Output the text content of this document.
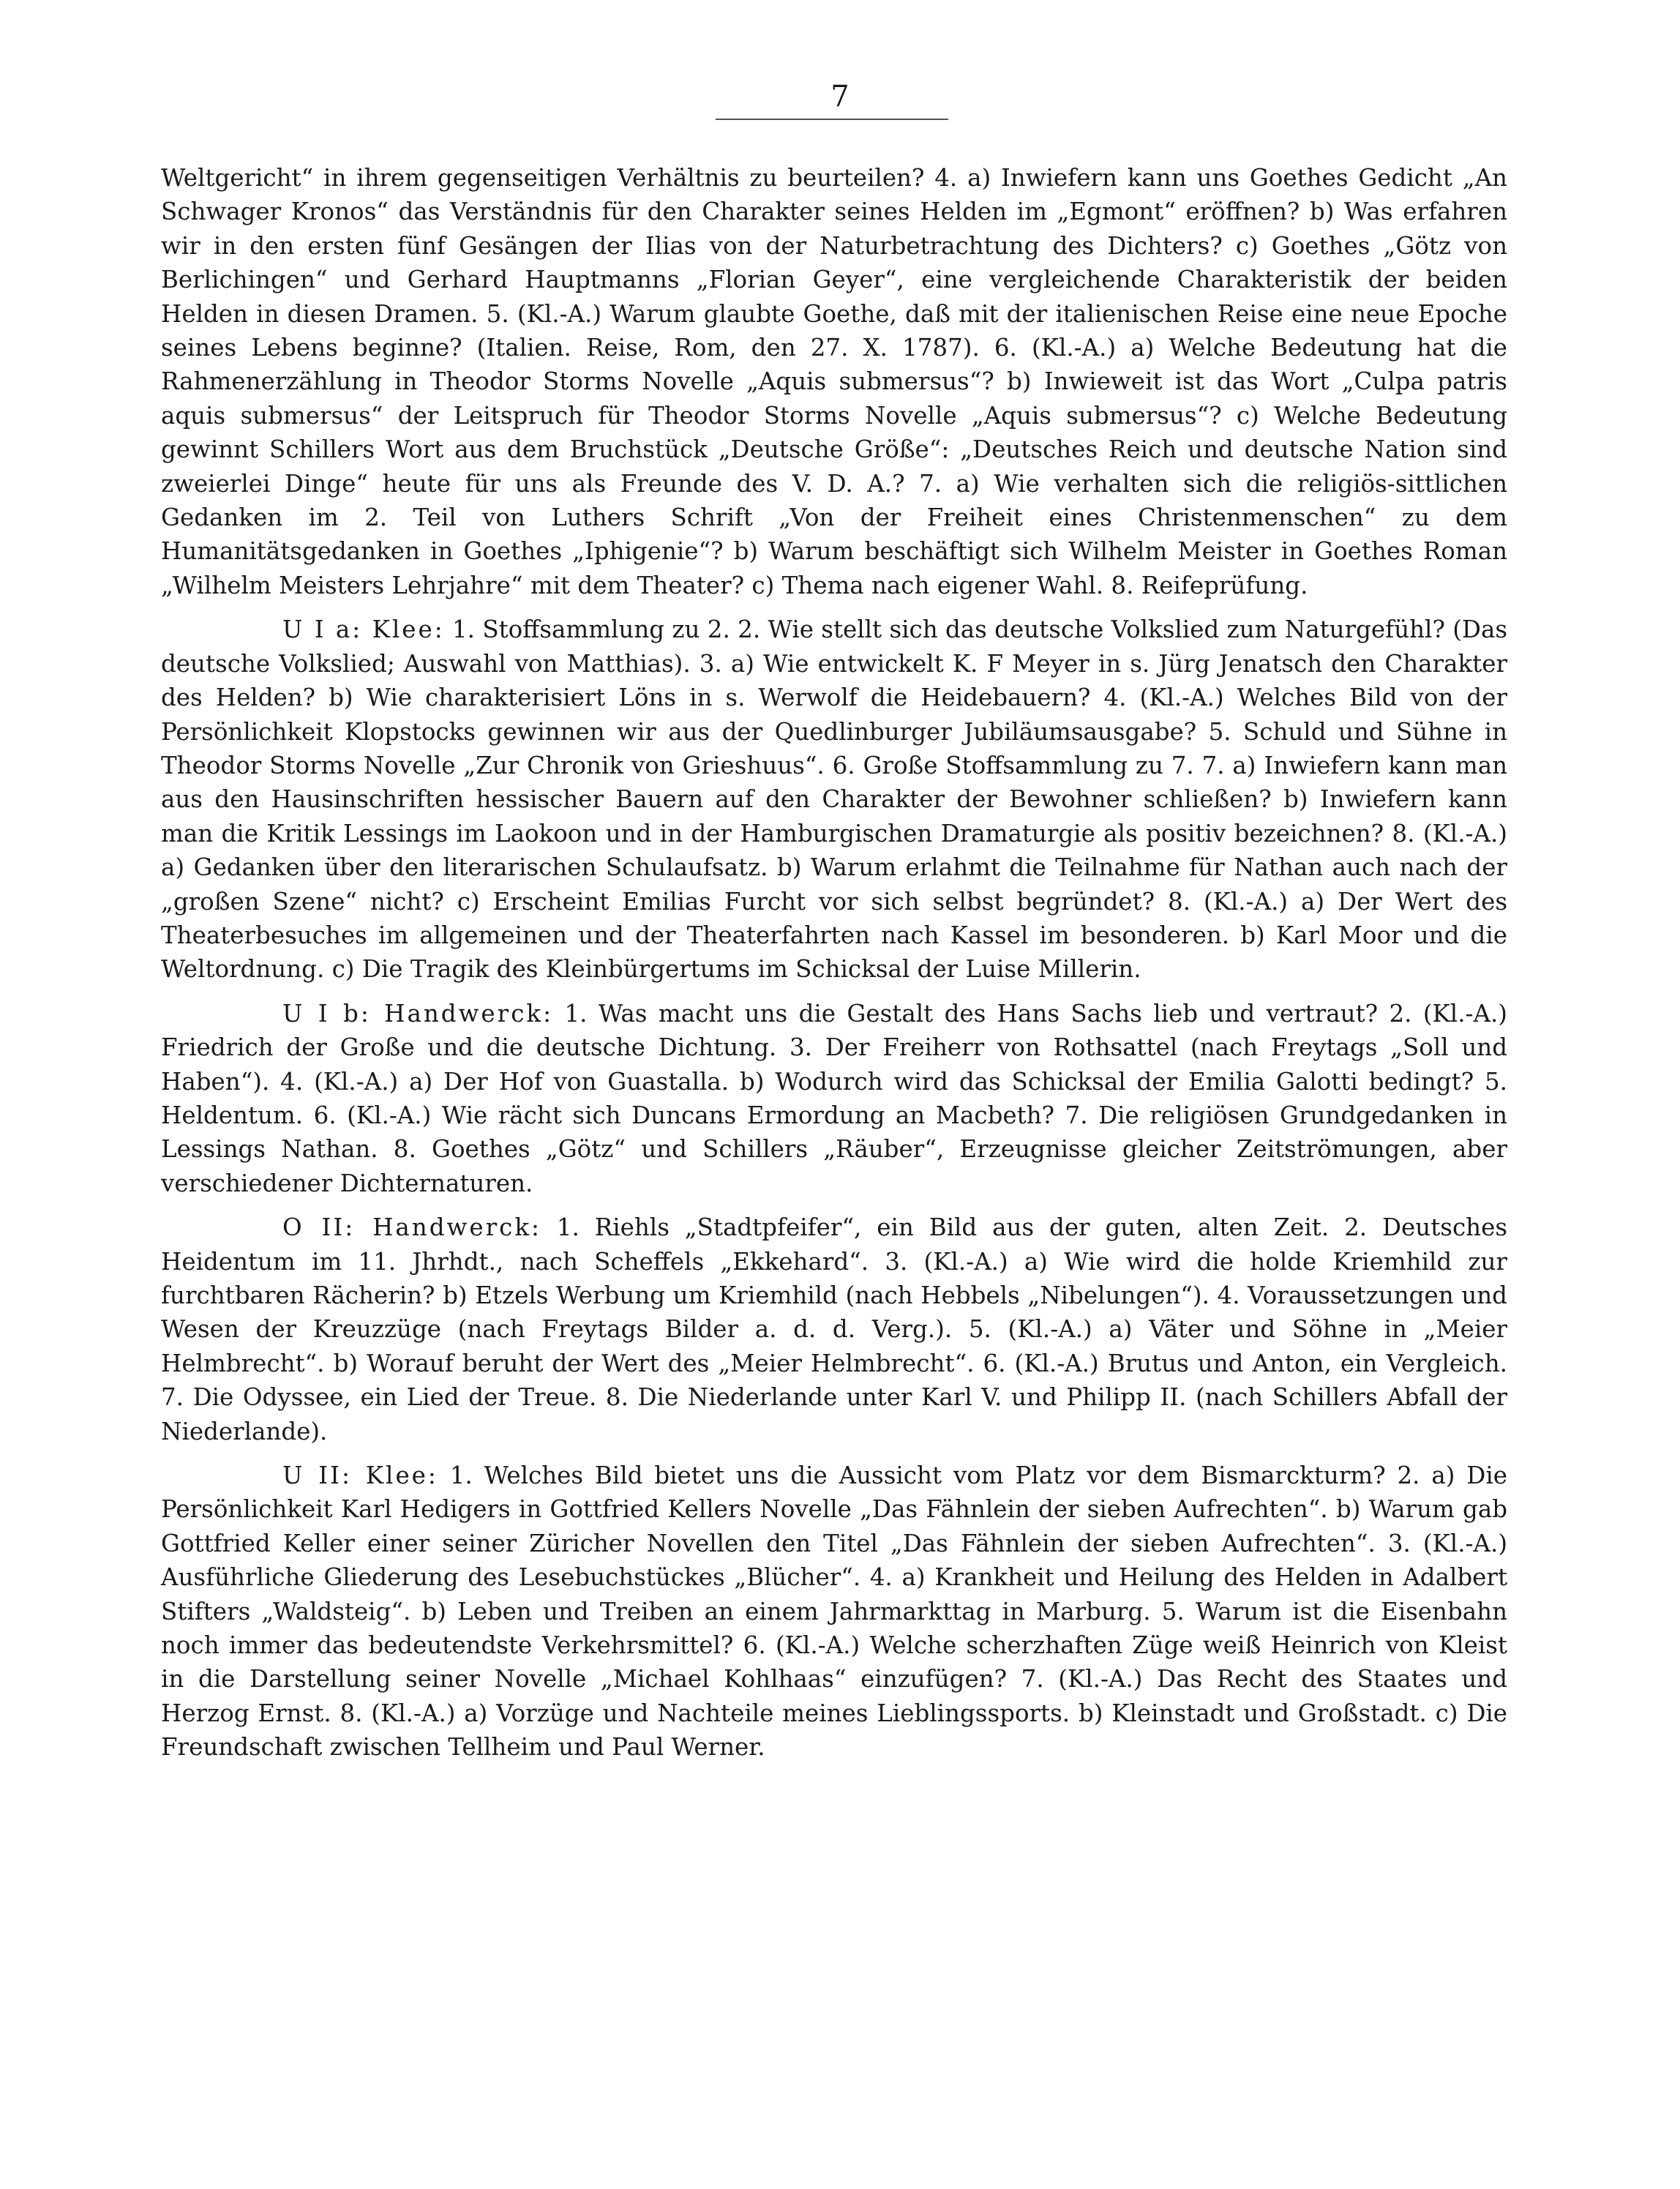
7

Weltgericht“ in ihrem gegenseitigen Verhältnis zu beurteilen? 4. a) Inwiefern kann uns Goethes Gedicht „An Schwager Kronos“ das Verständnis für den Charakter seines Helden im „Egmont“ eröffnen? b) Was erfahren wir in den ersten fünf Gesängen der Ilias von der Naturbetrachtung des Dichters? c) Goethes „Götz von Berlichingen“ und Gerhard Hauptmanns „Florian Geyer“, eine vergleichende Charakteristik der beiden Helden in diesen Dramen. 5. (Kl.-A.) Warum glaubte Goethe, daß mit der italienischen Reise eine neue Epoche seines Lebens beginne? (Italien. Reise, Rom, den 27. X. 1787). 6. (Kl.-A.) a) Welche Bedeutung hat die Rahmenerzählung in Theodor Storms Novelle „Aquis submersus“? b) Inwieweit ist das Wort „Culpa patris aquis submersus“ der Leitspruch für Theodor Storms Novelle „Aquis submersus“? c) Welche Bedeutung gewinnt Schillers Wort aus dem Bruchstück „Deutsche Größe“: „Deutsches Reich und deutsche Nation sind zweierlei Dinge“ heute für uns als Freunde des V. D. A.? 7. a) Wie verhalten sich die religiös-sittlichen Gedanken im 2. Teil von Luthers Schrift „Von der Freiheit eines Christenmenschen“ zu dem Humanitätsgedanken in Goethes „Iphigenie“? b) Warum beschäftigt sich Wilhelm Meister in Goethes Roman „Wilhelm Meisters Lehrjahre“ mit dem Theater? c) Thema nach eigener Wahl. 8. Reifeprüfung.

U I a: Klee: 1. Stoffsammlung zu 2. 2. Wie stellt sich das deutsche Volkslied zum Naturgefühl? (Das deutsche Volkslied; Auswahl von Matthias). 3. a) Wie entwickelt K. F Meyer in s. Jürg Jenatsch den Charakter des Helden? b) Wie charakterisiert Löns in s. Werwolf die Heidebauern? 4. (Kl.-A.) Welches Bild von der Persönlichkeit Klopstocks gewinnen wir aus der Quedlinburger Jubiläumsausgabe? 5. Schuld und Sühne in Theodor Storms Novelle „Zur Chronik von Grieshuus“. 6. Große Stoffsammlung zu 7. 7. a) Inwiefern kann man aus den Hausinschriften hessischer Bauern auf den Charakter der Bewohner schließen? b) Inwiefern kann man die Kritik Lessings im Laokoon und in der Hamburgischen Dramaturgie als positiv bezeichnen? 8. (Kl.-A.) a) Gedanken über den literarischen Schulaufsatz. b) Warum erlahmt die Teilnahme für Nathan auch nach der „großen Szene“ nicht? c) Erscheint Emilias Furcht vor sich selbst begründet? 8. (Kl.-A.) a) Der Wert des Theaterbesuches im allgemeinen und der Theaterfahrten nach Kassel im besonderen. b) Karl Moor und die Weltordnung. c) Die Tragik des Kleinbürgertums im Schicksal der Luise Millerin.

U I b: Handwerck: 1. Was macht uns die Gestalt des Hans Sachs lieb und vertraut? 2. (Kl.-A.) Friedrich der Große und die deutsche Dichtung. 3. Der Freiherr von Rothsattel (nach Freytags „Soll und Haben“). 4. (Kl.-A.) a) Der Hof von Guastalla. b) Wodurch wird das Schicksal der Emilia Galotti bedingt? 5. Heldentum. 6. (Kl.-A.) Wie rächt sich Duncans Ermordung an Macbeth? 7. Die religiösen Grundgedanken in Lessings Nathan. 8. Goethes „Götz“ und Schillers „Räuber“, Erzeugnisse gleicher Zeitströmungen, aber verschiedener Dichternaturen.

O II: Handwerck: 1. Riehls „Stadtpfeifer“, ein Bild aus der guten, alten Zeit. 2. Deutsches Heidentum im 11. Jhrhdt., nach Scheffels „Ekkehard“. 3. (Kl.-A.) a) Wie wird die holde Kriemhild zur furchtbaren Rächerin? b) Etzels Werbung um Kriemhild (nach Hebbels „Nibelungen“). 4. Voraussetzungen und Wesen der Kreuzzüge (nach Freytags Bilder a. d. d. Verg.). 5. (Kl.-A.) a) Väter und Söhne in „Meier Helmbrecht“. b) Worauf beruht der Wert des „Meier Helmbrecht“. 6. (Kl.-A.) Brutus und Anton, ein Vergleich. 7. Die Odyssee, ein Lied der Treue. 8. Die Niederlande unter Karl V. und Philipp II. (nach Schillers Abfall der Niederlande).

U II: Klee: 1. Welches Bild bietet uns die Aussicht vom Platz vor dem Bismarckturm? 2. a) Die Persönlichkeit Karl Hedigers in Gottfried Kellers Novelle „Das Fähnlein der sieben Aufrechten“. b) Warum gab Gottfried Keller einer seiner Züricher Novellen den Titel „Das Fähnlein der sieben Aufrechten“. 3. (Kl.-A.) Ausführliche Gliederung des Lesebuchstückes „Blücher“. 4. a) Krankheit und Heilung des Helden in Adalbert Stifters „Waldsteig“. b) Leben und Treiben an einem Jahrmarkttag in Marburg. 5. Warum ist die Eisenbahn noch immer das bedeutendste Verkehrsmittel? 6. (Kl.-A.) Welche scherzhaften Züge weiß Heinrich von Kleist in die Darstellung seiner Novelle „Michael Kohlhaas“ einzufügen? 7. (Kl.-A.) Das Recht des Staates und Herzog Ernst. 8. (Kl.-A.) a) Vorzüge und Nachteile meines Lieblingssports. b) Kleinstadt und Großstadt. c) Die Freundschaft zwischen Tellheim und Paul Werner.
